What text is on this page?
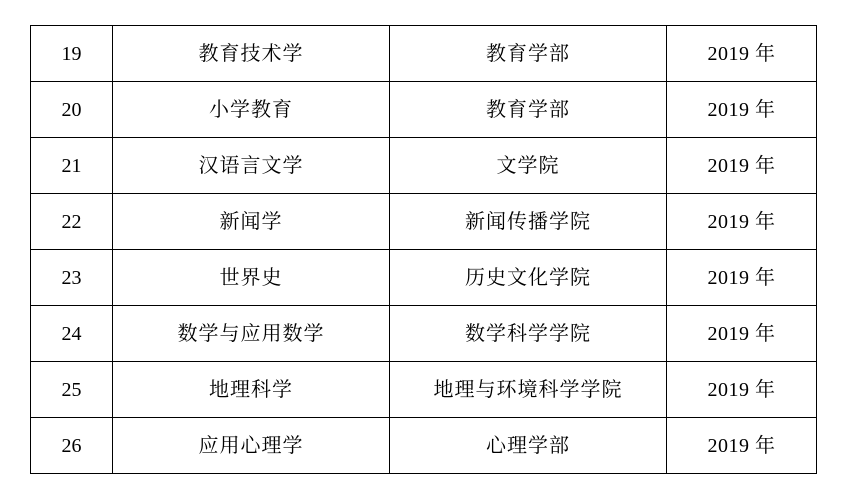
19	教育技术学	教育学部	2019 年
20	小学教育	教育学部	2019 年
21	汉语言文学	文学院	2019 年
22	新闻学	新闻传播学院	2019 年
23	世界史	历史文化学院	2019 年
24	数学与应用数学	数学科学学院	2019 年
25	地理科学	地理与环境科学学院	2019 年
26	应用心理学	心理学部	2019 年
